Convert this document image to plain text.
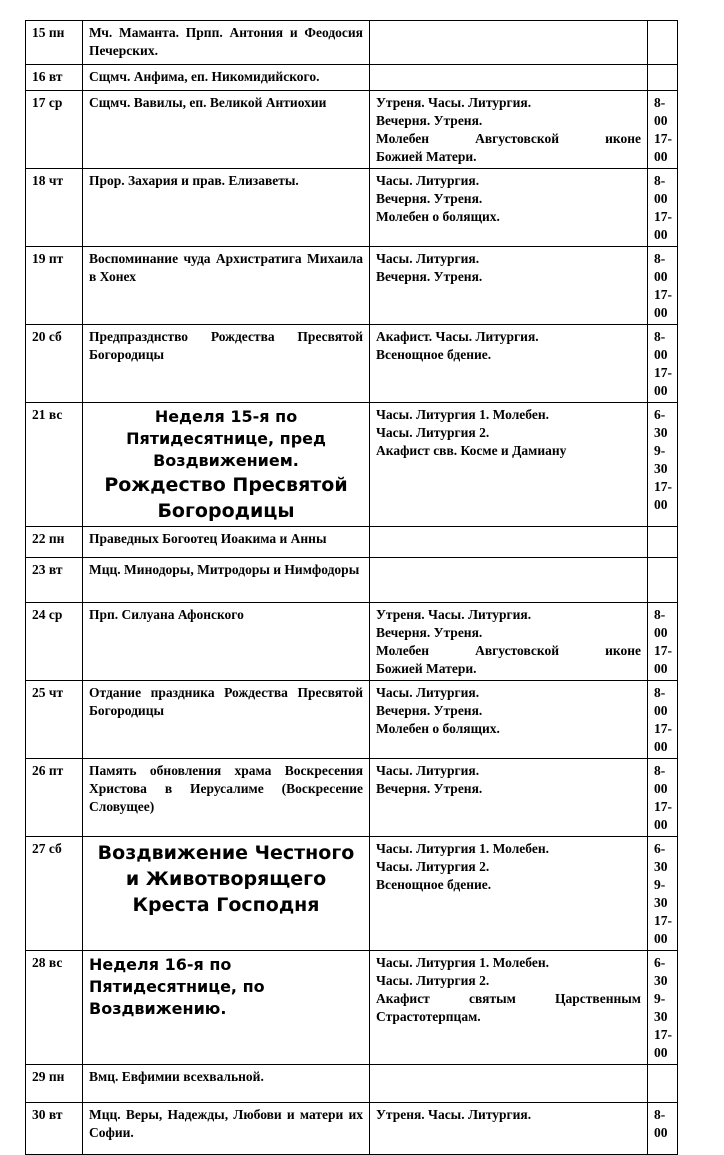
15 пн	Мч. Маманта. Прпп. Антония и Феодосия Печерских.		

16 вт	Сщмч. Анфима, еп. Никомидийского.		

17 ср	Сщмч. Вавилы, еп. Великой Антиохии	Утреня. Часы. Литургия.
Вечерня. Утреня.
Молебен Августовской иконе
Божией Матери.	8-00
17-00

18 чт	Прор. Захария и прав. Елизаветы.	Часы. Литургия.
Вечерня. Утреня.
Молебен о болящих.	8-00
17-00

19 пт	Воспоминание чуда Архистратига Михаила в Хонех	Часы. Литургия.
Вечерня. Утреня.	8-00
17-00

20 сб	Предпразднство Рождества Пресвятой Богородицы	Акафист. Часы. Литургия.
Всенощное бдение.	8-00
17-00

21 вс	Неделя 15-я по Пятидесятнице, пред Воздвижением.
Рождество Пресвятой Богородицы	Часы. Литургия 1. Молебен.
Часы. Литургия 2.
Акафист свв. Косме и Дамиану	6-30
9-30
17-00

22 пн	Праведных Богоотец Иоакима и Анны		

23 вт	Мцц. Минодоры, Митродоры и Нимфодоры		

24 ср	Прп. Силуана Афонского	Утреня. Часы. Литургия.
Вечерня. Утреня.
Молебен Августовской иконе
Божией Матери.	8-00
17-00

25 чт	Отдание праздника Рождества Пресвятой Богородицы	Часы. Литургия.
Вечерня. Утреня.
Молебен о болящих.	8-00
17-00

26 пт	Память обновления храма Воскресения Христова в Иерусалиме (Воскресение Словущее)	Часы. Литургия.
Вечерня. Утреня.	8-00
17-00

27 сб	Воздвижение Честного и Животворящего Креста Господня	Часы. Литургия 1. Молебен.
Часы. Литургия 2.
Всенощное бдение.	6-30
9-30
17-00

28 вс	Неделя 16-я по Пятидесятнице, по Воздвижению.	Часы. Литургия 1. Молебен.
Часы. Литургия 2.
Акафист святым Царственным
Страстотерпцам.	6-30
9-30
17-00

29 пн	Вмц. Евфимии всехвальной.		

30 вт	Мцц. Веры, Надежды, Любови и матери их Софии.	Утреня. Часы. Литургия.	8-00
